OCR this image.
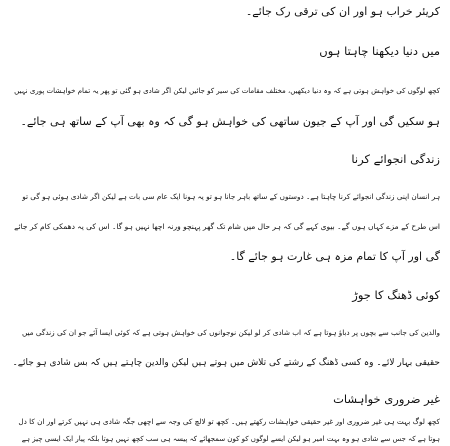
کریئر خراب ہو اور ان کی ترقی رک جائے۔
میں دنیا دیکھنا چاہتا ہوں
کچھ لوگوں کی خواہش ہوتی ہے کہ وہ دنیا دیکھیں، مختلف مقامات کی سیر کو جائیں لیکن اگر شادی ہو گئی تو پھر یہ تمام خواہشات پوری نہیں
ہو سکیں گی اور آپ کے جیون ساتھی کی خواہش ہو گی کہ وہ بھی آپ کے ساتھ ہی جائے۔
زندگی انجوائے کرنا
ہر انسان اپنی زندگی انجوائے کرنا چاہتا ہے۔ دوستوں کے ساتھ باہر جانا ہو تو یہ ہونا ایک عام سی بات ہے لیکن اگر شادی ہوئی ہو گی تو
اس طرح کے مزے کہاں ہوں گے۔ بیوی کہے گی کہ ہر حال میں شام تک گھر پہنچو ورنہ اچھا نہیں ہو گا۔ اس کی یہ دھمکی کام کر جائے
گی اور آپ کا تمام مزہ ہی غارت ہو جائے گا۔
کوئی ڈھنگ کا جوڑ
والدین کی جانب سے بچوں پر دباؤ ہوتا ہے کہ اب شادی کر لو لیکن نوجوانوں کی خواہش ہوتی ہے کہ کوئی ایسا آئے جو ان کی زندگی میں
حقیقی بہار لائے۔ وہ کسی ڈھنگ کے رشتے کی تلاش میں ہوتے ہیں لیکن والدین چاہتے ہیں کہ بس شادی ہو جائے۔
غیر ضروری خواہشات
کچھ لوگ بہت ہی غیر ضروری اور غیر حقیقی خواہشات رکھتے ہیں۔ کچھ تو لالچ کی وجہ سے اچھی جگہ شادی ہی نہیں کرتے اور ان کا دل
ہوتا ہے کہ جس سے شادی ہو وہ بہت امیر ہو لیکن ایسے لوگوں کو کون سمجھائے کہ پیسہ ہی سب کچھ نہیں ہوتا بلکہ پیار ایک ایسی چیز ہے
